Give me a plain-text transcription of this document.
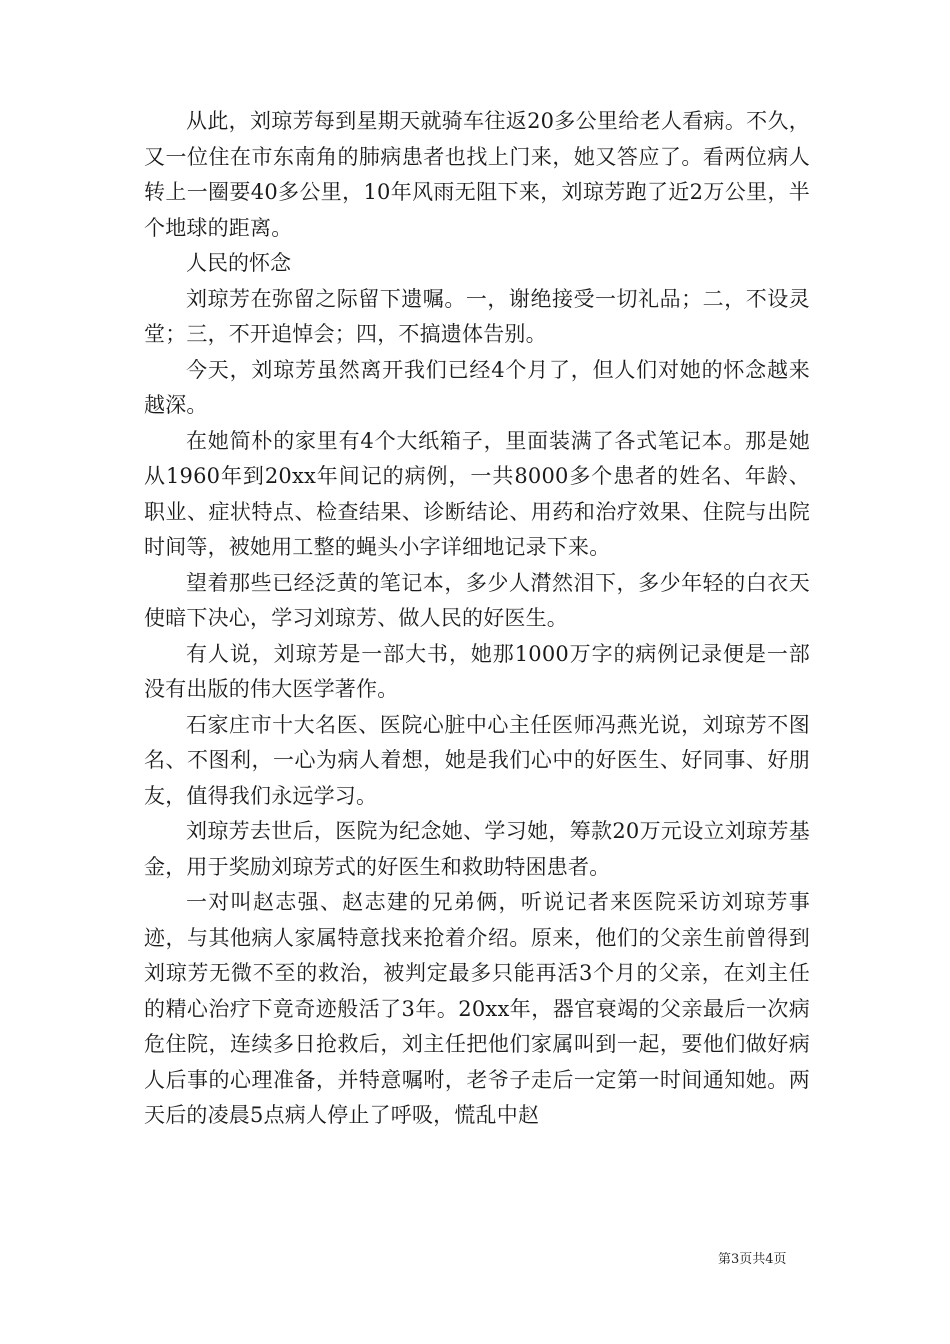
从此，刘琼芳每到星期天就骑车往返20多公里给老人看病。不久，又一位住在市东南角的肺病患者也找上门来，她又答应了。看两位病人转上一圈要40多公里，10年风雨无阻下来，刘琼芳跑了近2万公里，半个地球的距离。

人民的怀念

刘琼芳在弥留之际留下遗嘱。一，谢绝接受一切礼品；二，不设灵堂；三，不开追悼会；四，不搞遗体告别。

今天，刘琼芳虽然离开我们已经4个月了，但人们对她的怀念越来越深。

在她简朴的家里有4个大纸箱子，里面装满了各式笔记本。那是她从1960年到20xx年间记的病例，一共8000多个患者的姓名、年龄、职业、症状特点、检查结果、诊断结论、用药和治疗效果、住院与出院时间等，被她用工整的蝇头小字详细地记录下来。

望着那些已经泛黄的笔记本，多少人潸然泪下，多少年轻的白衣天使暗下决心，学习刘琼芳、做人民的好医生。

有人说，刘琼芳是一部大书，她那1000万字的病例记录便是一部没有出版的伟大医学著作。

石家庄市十大名医、医院心脏中心主任医师冯燕光说，刘琼芳不图名、不图利，一心为病人着想，她是我们心中的好医生、好同事、好朋友，值得我们永远学习。

刘琼芳去世后，医院为纪念她、学习她，筹款20万元设立刘琼芳基金，用于奖励刘琼芳式的好医生和救助特困患者。

一对叫赵志强、赵志建的兄弟俩，听说记者来医院采访刘琼芳事迹，与其他病人家属特意找来抢着介绍。原来，他们的父亲生前曾得到刘琼芳无微不至的救治，被判定最多只能再活3个月的父亲，在刘主任的精心治疗下竟奇迹般活了3年。20xx年，器官衰竭的父亲最后一次病危住院，连续多日抢救后，刘主任把他们家属叫到一起，要他们做好病人后事的心理准备，并特意嘱咐，老爷子走后一定第一时间通知她。两天后的凌晨5点病人停止了呼吸，慌乱中赵

第3页共4页
